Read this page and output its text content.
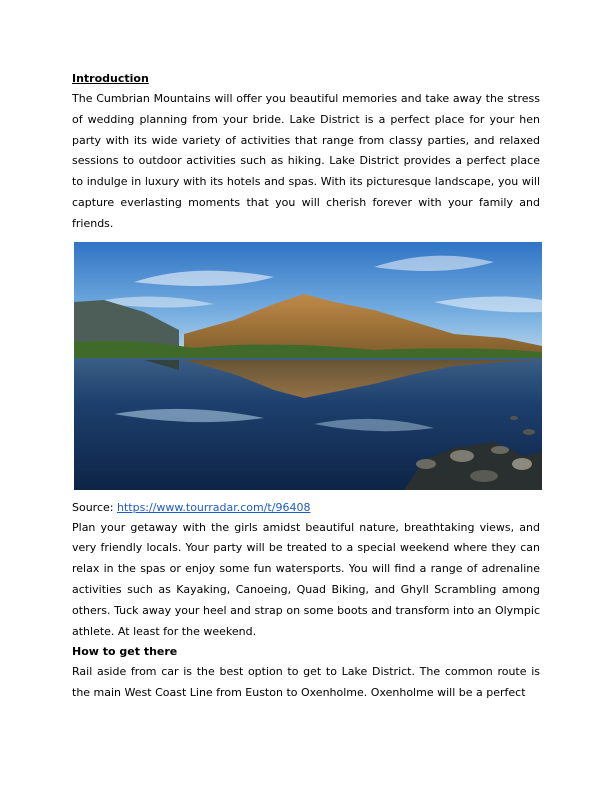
Introduction

The Cumbrian Mountains will offer you beautiful memories and take away the stress of wedding planning from your bride. Lake District is a perfect place for your hen party with its wide variety of activities that range from classy parties, and relaxed sessions to outdoor activities such as hiking. Lake District provides a perfect place to indulge in luxury with its hotels and spas. With its picturesque landscape, you will capture everlasting moments that you will cherish forever with your family and friends.

Source: https://www.tourradar.com/t/96408

Plan your getaway with the girls amidst beautiful nature, breathtaking views, and very friendly locals. Your party will be treated to a special weekend where they can relax in the spas or enjoy some fun watersports. You will find a range of adrenaline activities such as Kayaking, Canoeing, Quad Biking, and Ghyll Scrambling among others. Tuck away your heel and strap on some boots and transform into an Olympic athlete. At least for the weekend.

How to get there

Rail aside from car is the best option to get to Lake District. The common route is the main West Coast Line from Euston to Oxenholme. Oxenholme will be a perfect
